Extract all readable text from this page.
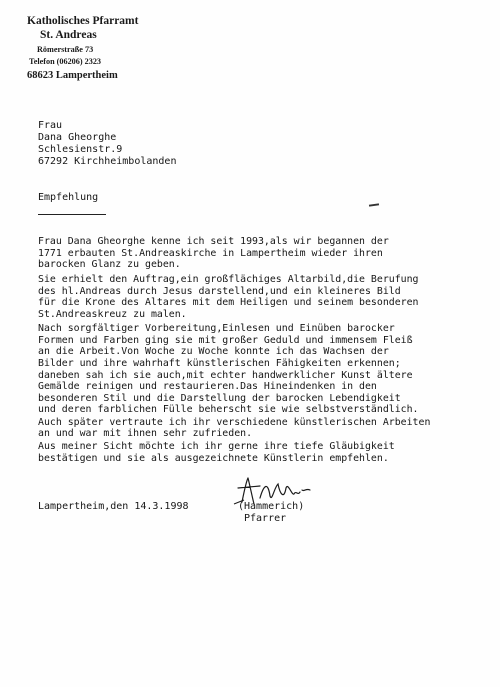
Katholisches Pfarramt
St. Andreas
Römerstraße 73
Telefon (06206) 2323
68623 Lampertheim
Frau
Dana Gheorghe
Schlesienstr.9
67292 Kirchheimbolanden
Empfehlung
Frau Dana Gheorghe kenne ich seit 1993,als wir begannen der
1771 erbauten St.Andreaskirche in Lampertheim wieder ihren
barocken Glanz zu geben.
Sie erhielt den Auftrag,ein großflächiges Altarbild,die Berufung
des hl.Andreas durch Jesus darstellend,und ein kleineres Bild
für die Krone des Altares mit dem Heiligen und seinem besonderen
St.Andreaskreuz zu malen.
Nach sorgfältiger Vorbereitung,Einlesen und Einüben barocker
Formen und Farben ging sie mit großer Geduld und immensem Fleiß
an die Arbeit.Von Woche zu Woche konnte ich das Wachsen der
Bilder und ihre wahrhaft künstlerischen Fähigkeiten erkennen;
daneben sah ich sie auch,mit echter handwerklicher Kunst ältere
Gemälde reinigen und restaurieren.Das Hineindenken in den
besonderen Stil und die Darstellung der barocken Lebendigkeit
und deren farblichen Fülle beherscht sie wie selbstverständlich.
Auch später vertraute ich ihr verschiedene künstlerischen Arbeiten
an und war mit ihnen sehr zufrieden.
Aus meiner Sicht möchte ich ihr gerne ihre tiefe Gläubigkeit
bestätigen und sie als ausgezeichnete Künstlerin empfehlen.
Lampertheim,den 14.3.1998	(Hammerich)
Pfarrer
